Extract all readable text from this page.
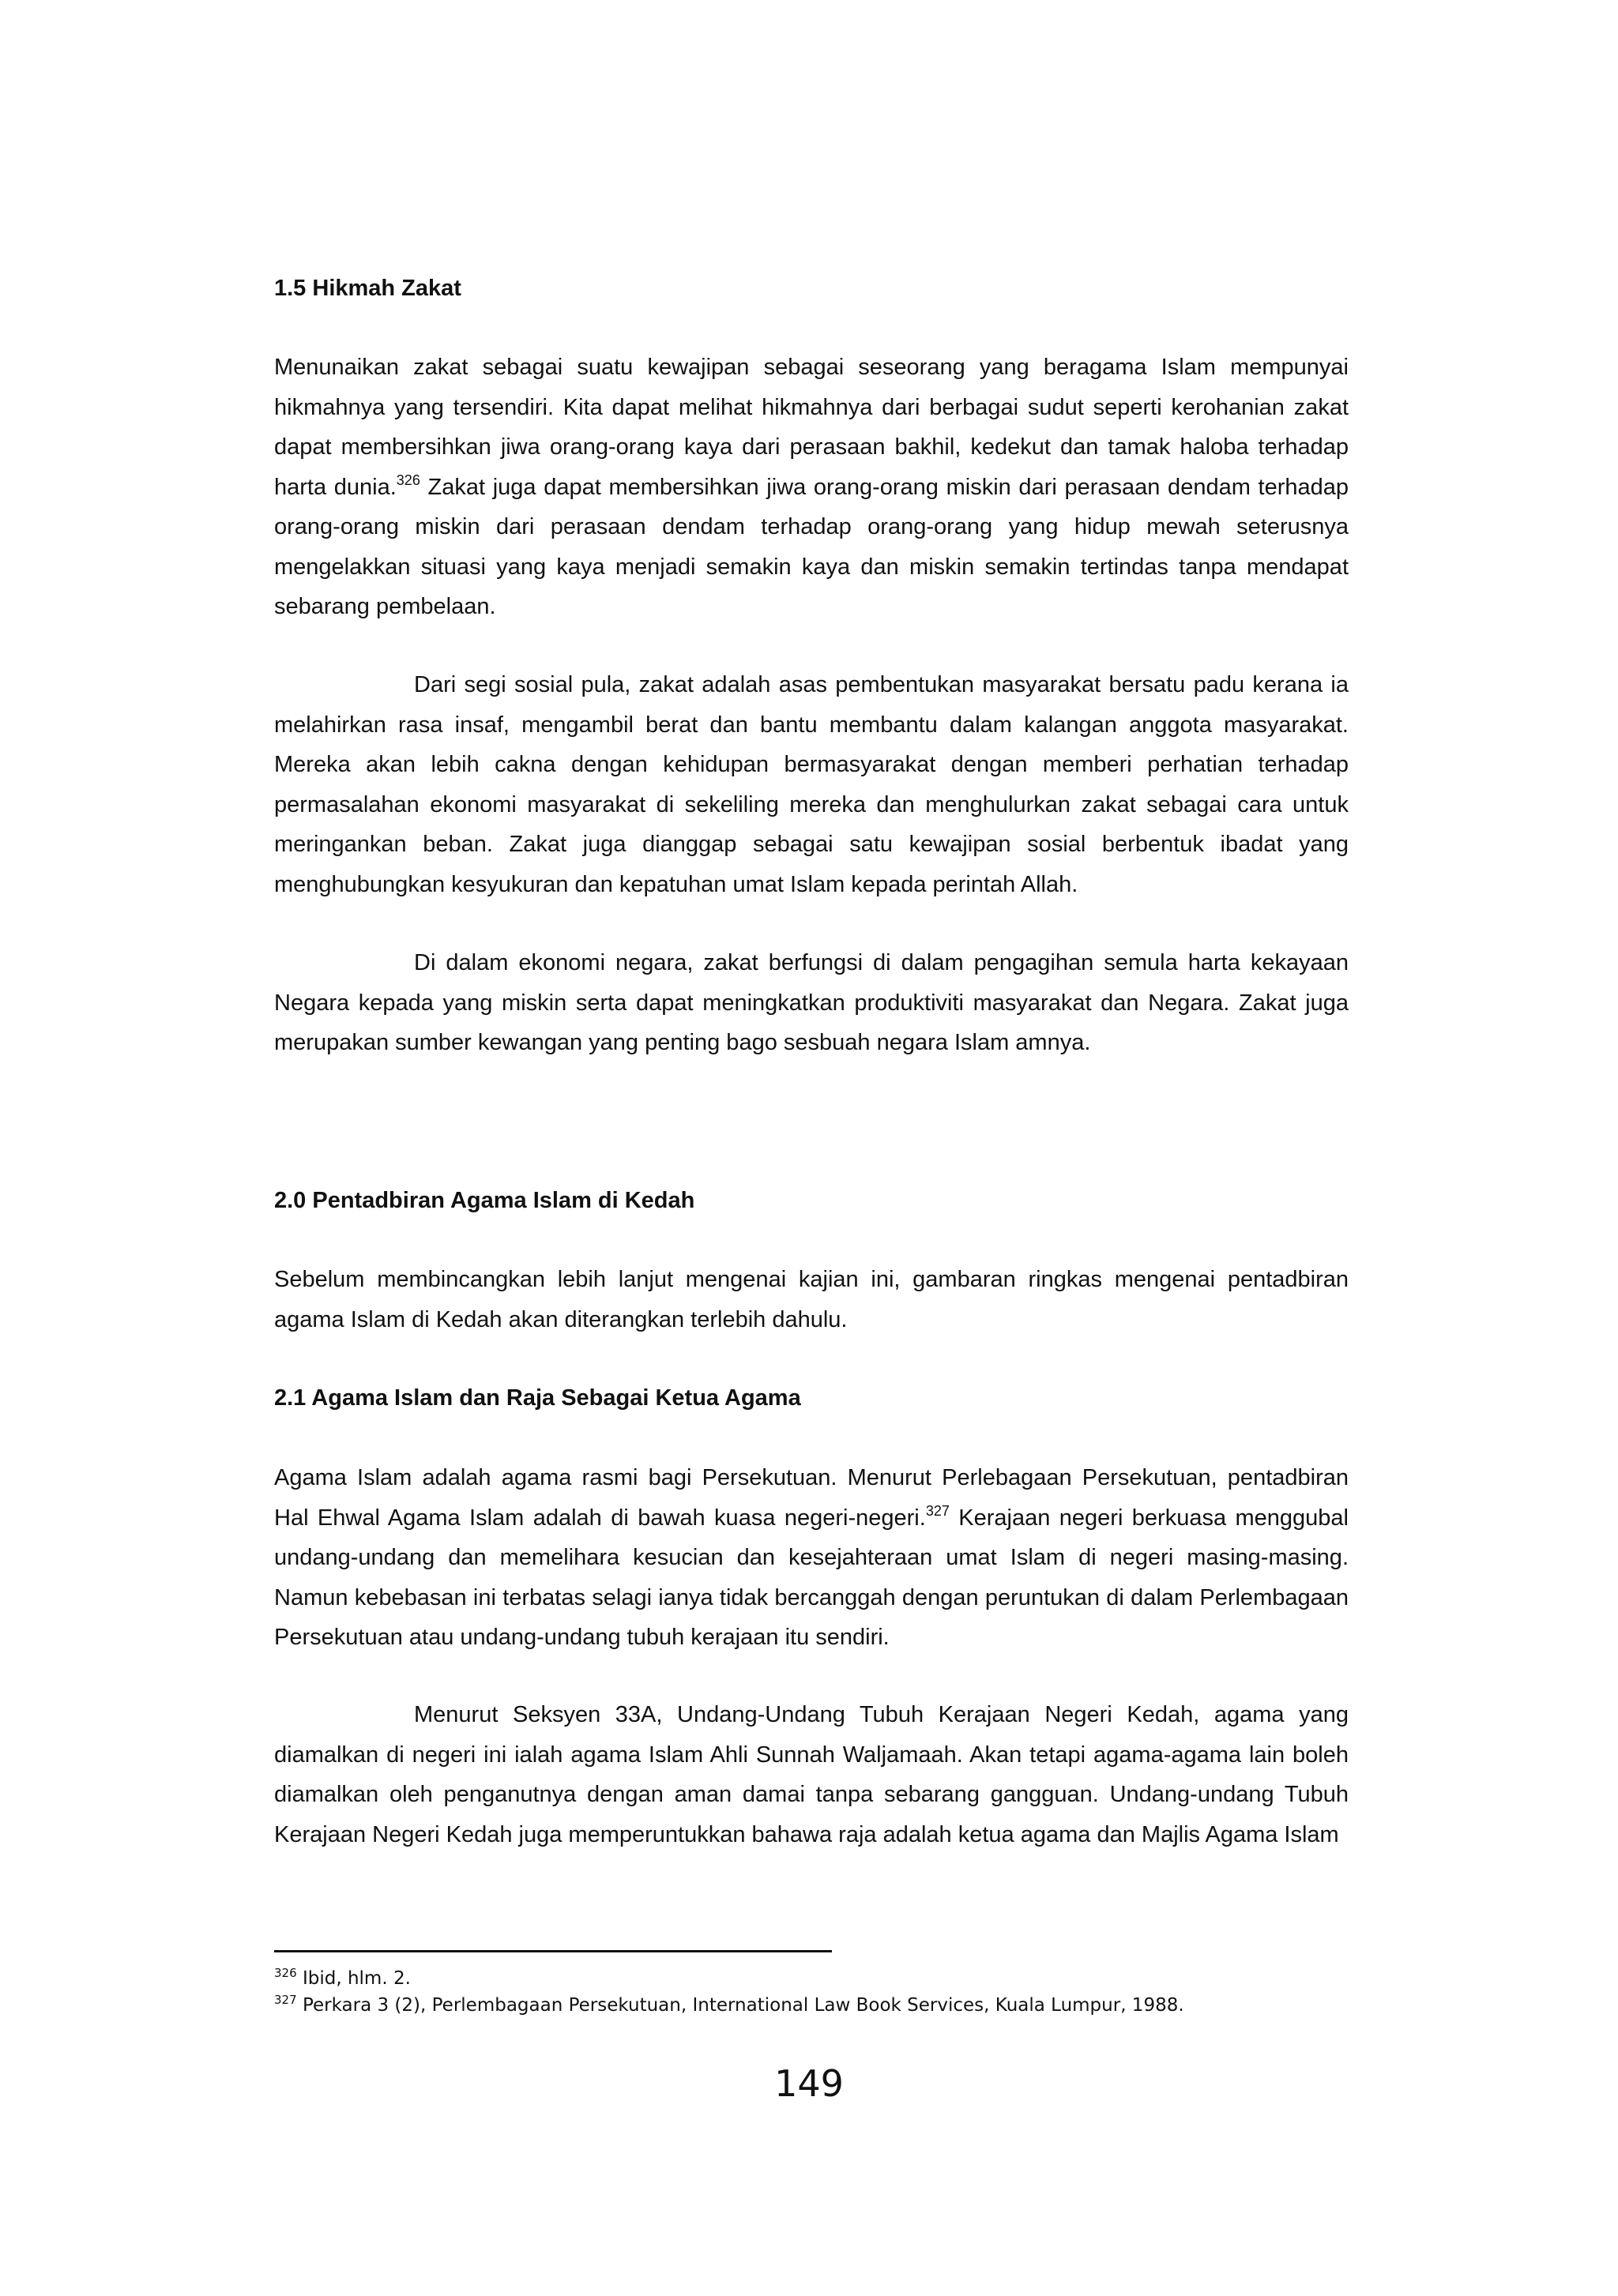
1.5 Hikmah Zakat

Menunaikan zakat sebagai suatu kewajipan sebagai seseorang yang beragama Islam mempunyai hikmahnya yang tersendiri. Kita dapat melihat hikmahnya dari berbagai sudut seperti kerohanian zakat dapat membersihkan jiwa orang-orang kaya dari perasaan bakhil, kedekut dan tamak haloba terhadap harta dunia.$^{326}$ Zakat juga dapat membersihkan jiwa orang-orang miskin dari perasaan dendam terhadap orang-orang miskin dari perasaan dendam terhadap orang-orang yang hidup mewah seterusnya mengelakkan situasi yang kaya menjadi semakin kaya dan miskin semakin tertindas tanpa mendapat sebarang pembelaan.

Dari segi sosial pula, zakat adalah asas pembentukan masyarakat bersatu padu kerana ia melahirkan rasa insaf, mengambil berat dan bantu membantu dalam kalangan anggota masyarakat. Mereka akan lebih cakna dengan kehidupan bermasyarakat dengan memberi perhatian terhadap permasalahan ekonomi masyarakat di sekeliling mereka dan menghulurkan zakat sebagai cara untuk meringankan beban. Zakat juga dianggap sebagai satu kewajipan sosial berbentuk ibadat yang menghubungkan kesyukuran dan kepatuhan umat Islam kepada perintah Allah.

Di dalam ekonomi negara, zakat berfungsi di dalam pengagihan semula harta kekayaan Negara kepada yang miskin serta dapat meningkatkan produktiviti masyarakat dan Negara. Zakat juga merupakan sumber kewangan yang penting bago sesbuah negara Islam amnya.

2.0 Pentadbiran Agama Islam di Kedah

Sebelum membincangkan lebih lanjut mengenai kajian ini, gambaran ringkas mengenai pentadbiran agama Islam di Kedah akan diterangkan terlebih dahulu.

2.1 Agama Islam dan Raja Sebagai Ketua Agama

Agama Islam adalah agama rasmi bagi Persekutuan. Menurut Perlebagaan Persekutuan, pentadbiran Hal Ehwal Agama Islam adalah di bawah kuasa negeri-negeri.$^{327}$ Kerajaan negeri berkuasa menggubal undang-undang dan memelihara kesucian dan kesejahteraan umat Islam di negeri masing-masing. Namun kebebasan ini terbatas selagi ianya tidak bercanggah dengan peruntukan di dalam Perlembagaan Persekutuan atau undang-undang tubuh kerajaan itu sendiri.

Menurut Seksyen 33A, Undang-Undang Tubuh Kerajaan Negeri Kedah, agama yang diamalkan di negeri ini ialah agama Islam Ahli Sunnah Waljamaah. Akan tetapi agama-agama lain boleh diamalkan oleh penganutnya dengan aman damai tanpa sebarang gangguan. Undang-undang Tubuh Kerajaan Negeri Kedah juga memperuntukkan bahawa raja adalah ketua agama dan Majlis Agama Islam

$^{326}$ Ibid, hlm. 2.

$^{327}$ Perkara 3 (2), Perlembagaan Persekutuan, International Law Book Services, Kuala Lumpur, 1988.

149
